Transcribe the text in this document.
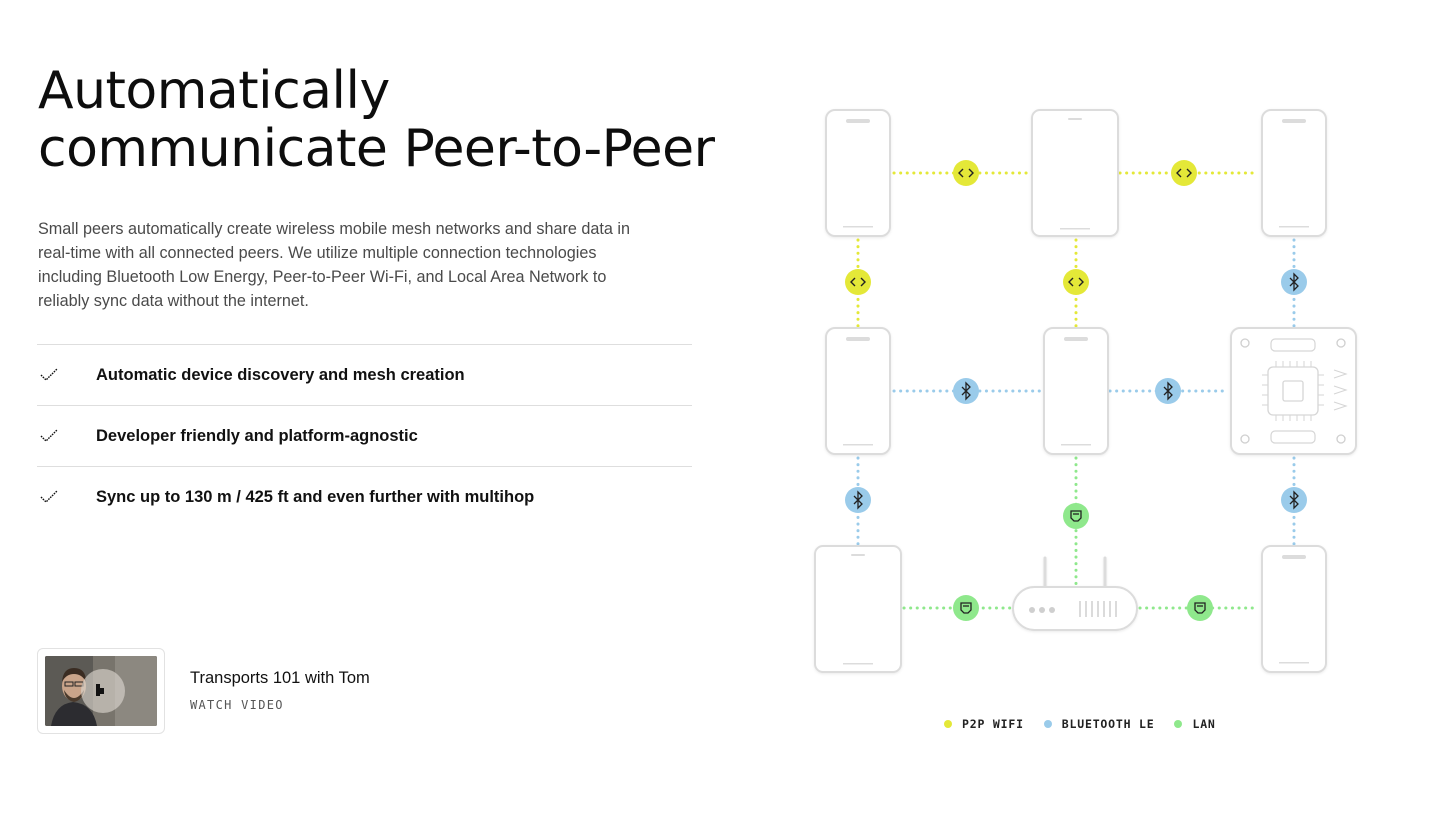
Automatically
communicate Peer-to-Peer

Small peers automatically create wireless mobile mesh networks and share data in real-time with all connected peers. We utilize multiple connection technologies including Bluetooth Low Energy, Peer-to-Peer Wi-Fi, and Local Area Network to reliably sync data without the internet.

Automatic device discovery and mesh creation
Developer friendly and platform-agnostic
Sync up to 130 m / 425 ft and even further with multihop
Transports 101 with Tom
WATCH VIDEO
P2P WIFI	BLUETOOTH LE	LAN
